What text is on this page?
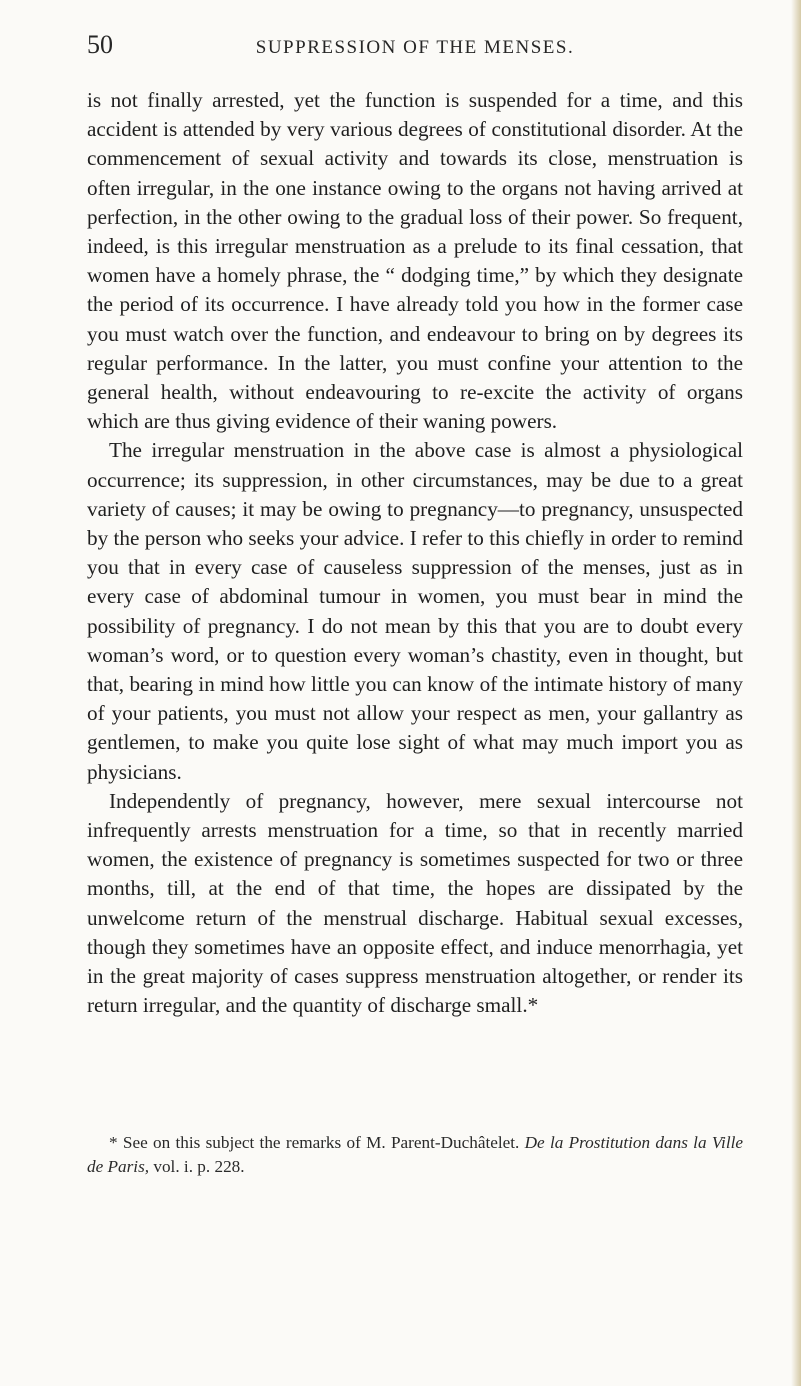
50	SUPPRESSION OF THE MENSES.

is not finally arrested, yet the function is suspended for a time, and this accident is attended by very various degrees of constitutional disorder. At the commencement of sexual activity and towards its close, menstruation is often irregular, in the one instance owing to the organs not having arrived at perfection, in the other owing to the gradual loss of their power. So frequent, indeed, is this irregular menstruation as a prelude to its final cessation, that women have a homely phrase, the “ dodging time,” by which they designate the period of its occurrence. I have already told you how in the former case you must watch over the function, and endeavour to bring on by degrees its regular performance. In the latter, you must confine your attention to the general health, without endeavouring to re-excite the activity of organs which are thus giving evidence of their waning powers.

The irregular menstruation in the above case is almost a physiological occurrence; its suppression, in other circumstances, may be due to a great variety of causes; it may be owing to pregnancy—to pregnancy, unsuspected by the person who seeks your advice. I refer to this chiefly in order to remind you that in every case of causeless suppression of the menses, just as in every case of abdominal tumour in women, you must bear in mind the possibility of pregnancy. I do not mean by this that you are to doubt every woman’s word, or to question every woman’s chastity, even in thought, but that, bearing in mind how little you can know of the intimate history of many of your patients, you must not allow your respect as men, your gallantry as gentlemen, to make you quite lose sight of what may much import you as physicians.

Independently of pregnancy, however, mere sexual intercourse not infrequently arrests menstruation for a time, so that in recently married women, the existence of pregnancy is sometimes suspected for two or three months, till, at the end of that time, the hopes are dissipated by the unwelcome return of the menstrual discharge. Habitual sexual excesses, though they sometimes have an opposite effect, and induce menorrhagia, yet in the great majority of cases suppress menstruation altogether, or render its return irregular, and the quantity of discharge small.*

* See on this subject the remarks of M. Parent-Duchâtelet. De la Prostitution dans la Ville de Paris, vol. i. p. 228.
